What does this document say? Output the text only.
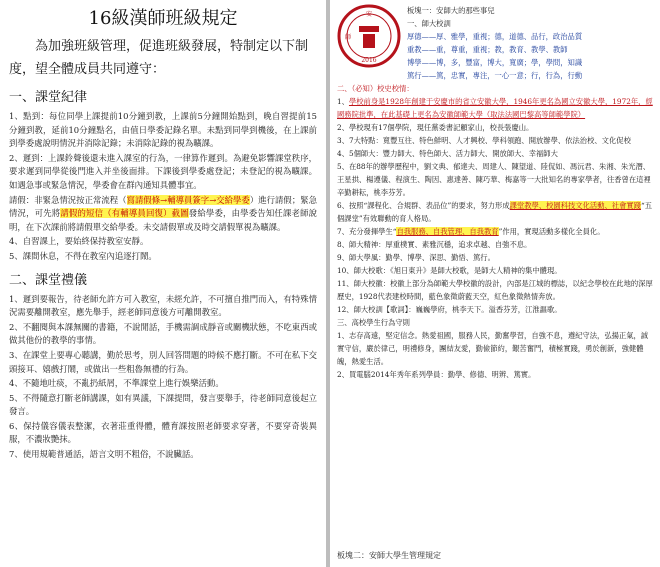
16級漢師班級規定

為加強班級管理，促進班級發展，特制定以下制度，望全體成員共同遵守：

一、課堂紀律

1、點到：每位同學上課提前10分鐘到教，上課前5分鐘開始點到，晚自習提前15分鐘到教，延前10分鐘點名，由值日學委記錄名單。未點到同學到機後，在上課前到學委處說明情況并消除記錄；未消除記錄的視為曠課。

2、遲到：上課鈴聲後還未進入課室的行為，一律算作遲到。為避免影響課堂秩序，要求遲到同學從後門進入并坐後面排。下課後到學委處登記；未登記的視為曠課。如遇急事或緊急情況，學委會在群內通知具體事宜。

請假：非緊急情況按正常流程（寫請假條→輔導員簽字→交給學委）進行請假；緊急情況，可先將請假的短信（有輔導員回復）截圖發給學委，由學委告知任課老師說明，在下次課前將請假單交給學委。未交請假單或及時交請假單視為曠課。

4、自習課上，要始終保持教室安靜。

5、課間休息，不得在教室內追逐打鬧。

二、課堂禮儀

1、遲到要報告，待老師允許方可入教室，未經允許，不可擅自推門而入，有特殊情況需要離開教室，應先舉手，經老師同意後方可離開教室。

2、不翻閱與本課無關的書籍，不說閒話，手機需調成靜音或關機狀態，不吃東西或做其他份的教學的事情。

3、在課堂上要專心聽講，勤於思考，別人回答問題的時候不應打斷。不可在私下交頭接耳、嬉戲打鬧，或做出一些粗魯無禮的行為。

4、不隨地吐痰，不亂扔紙屑，不準課堂上進行娛樂活動。

5、不得隨意打斷老師講課，如有異議，下課提問，發言要舉手，待老師同意後起立發言。

6、保持儀容儀表整潔，衣著莊重得體，體育課按照老師要求穿著，不要穿奇裝異服，不濃妝艷抹。

7、使用規範普通話，語言文明不粗俗，不說臟話。

安
2016
師

板塊一：安師大的那些事兒

一、師大校訓

厚德——厚、雅學，重視；德，道德、品行，政治品質

重教——重，尊重，重視；教，教育、教學、教師

博學——博，多，豐富，博大，寬廣；學，學問，知識

篤行——篤，忠實，專注，一心一意；行，行為，行動

二、（必知）校史校情：

1、學校前身是1928年創建于安慶市的省立安徽大學，1946年更名為國立安徽大學，1972年，經國務院批準，在此基礎上更名為安徽師範大學（取法法國巴黎高等師範學院）

2、學校現有17個學院，現任黨委書記顧家山，校長張慶山。

3、7大特點：寬豐互往、特色鮮明、人才興校、學科領跑、開放辦學、依法治校、文化促校

4、5個師大：豐力師大、特色師大、活力師大、開放師大、幸福師大

5、在88年的辦學歷程中，劉文典、郁達夫、周建人、陳望道、陸侃如、馮沅君、朱湘、朱光潛、王星拱、楊遵儀、程演生、陶因、惠達善、陳巧華、梅嘉等一大批知名的專家學者，往香曾在這裡辛勤耕耘，桃李芬芳。

6、按照“課程化、合規群、表品位”的要求，努力形成課堂教學、校園科技文化活動、社會實踐“五個課堂”有效聯動的育人格局。

7、充分發揮學生“自我服務、自我管理、自我教育”作用，實現活動多樣化全員化。

8、師大精神：厚重樸實、素雅沉穩，追求卓越、自強不息。

9、師大學風：勤學、博學、深思、勤悟、篤行。

10、師大校歌：《旭日東升》是師大校歌，是師大人精神的集中體現。

11、師大校徽：校徽上部分為師範大學校徽的設計，內部是江城的標誌，以紀念學校在此地的深厚歷史，1928代表建校時間，藍色象徵蔚藍天空，紅色象徵熱情奔放。

12、師大校訓【歌詞】：巍巍學府，桃李天下。溢香芬芳，江淮謳歌。

三、高校學生行為守則

1、志存高遠，堅定信念。熱愛祖國，服務人民，勤奮學習，自強不息，遵紀守法，弘揚正氣，誠實守信，嚴於律己，明禮修身，團結友愛，勤儉節約，艱苦奮鬥，積極實踐，勇於創新，強健體魄，熱愛生活。

2、買電腦2014年秀年系列學員：勤學、修德、明辨、篤實。

板塊二：安師大學生管理規定
